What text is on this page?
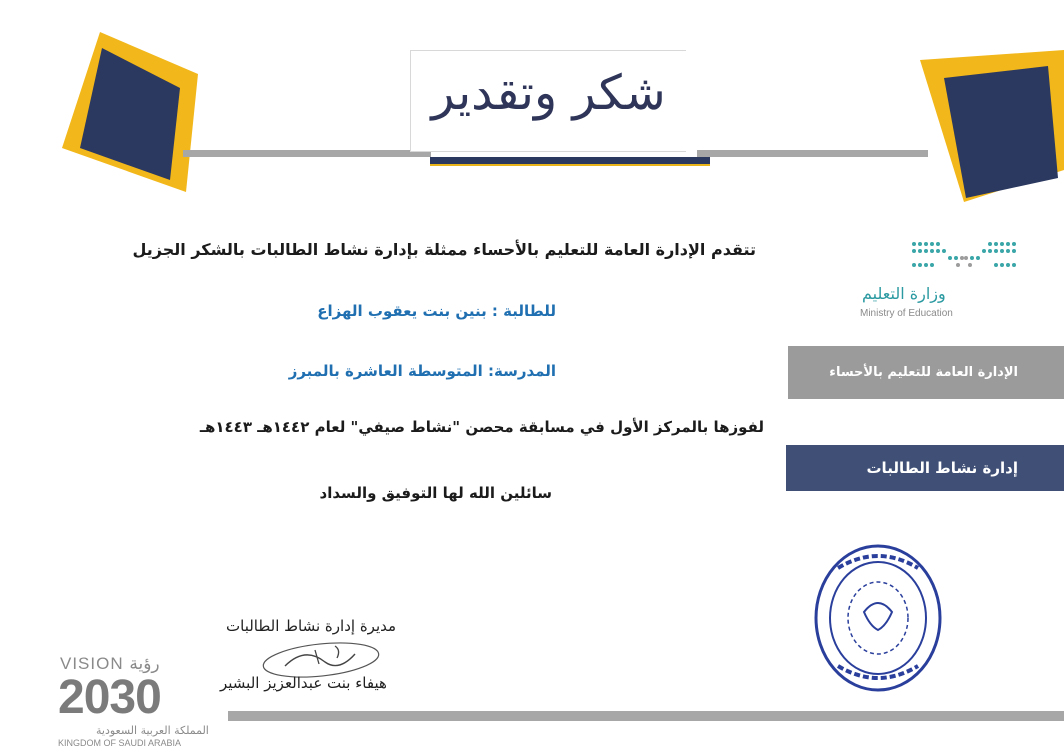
شكر وتقدير
تتقدم الإدارة العامة للتعليم بالأحساء ممثلة بإدارة نشاط الطالبات بالشكر الجزيل
للطالبة : بنين بنت يعقوب الهزاع
المدرسة: المتوسطة العاشرة بالمبرز
لفوزها بالمركز الأول في مسابقة محصن "نشاط صيفي" لعام ١٤٤٢هـ ١٤٤٣هـ
سائلين الله لها التوفيق والسداد
وزارة التعليم
Ministry of Education
الإدارة العامة للتعليم بالأحساء
إدارة نشاط الطالبات
مديرة إدارة نشاط الطالبات
هيفاء بنت عبدالعزيز البشير
VISION رؤية
2030
المملكة العربية السعودية
KINGDOM OF SAUDI ARABIA
